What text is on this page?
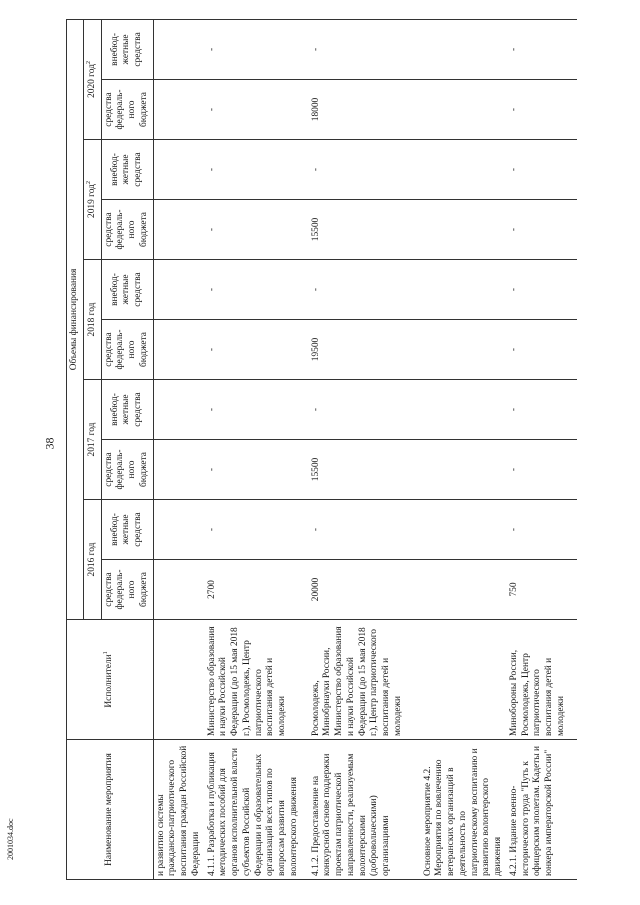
38
Наименование мероприятия	Исполнители$^1$	Объемы финансирования									
		2016 год		2017 год		2018 год		2019 год$^2$		2020 год$^2$
		средства федераль-ного бюджета	внебюд-жетные средства	средства федераль-ного бюджета	внебюд-жетные средства	средства федераль-ного бюджета	внебюд-жетные средства	средства федераль-ного бюджета	внебюд-жетные средства	средства федераль-ного бюджета	внебюд-жетные средства
и развитию системы гражданско-патриотического воспитания граждан Российской Федерации											
4.1.1. Разработка и публикация методических пособий для органов исполнительной власти субъектов Российской Федерации и образовательных организаций всех типов по вопросам развития волонтерского движения	Министерство образования и науки Российской Федерации (до 15 мая 2018 г.), Росмолодежь, Центр патриотического воспитания детей и молодежи	2700	-	-	-	-	-	-	-	-	-
4.1.2. Предоставление на конкурсной основе поддержки проектам патриотической направленности, реализуемым волонтерскими (добровольческими) организациями	Росмолодежь, Минобрнауки России, Министерство образования и науки Российской Федерации (до 15 мая 2018 г.), Центр патриотического воспитания детей и молодежи	20000	-	15500	-	19500	-	15500	-	18000	-
Основное мероприятие 4.2. Мероприятия по вовлечению ветеранских организаций в деятельность по патриотическому воспитанию и развитию волонтерского движения											
4.2.1. Издание военно-исторического труда "Путь к офицерским эполетам. Кадеты и юнкера императорской России"	Минобороны России, Росмолодежь, Центр патриотического воспитания детей и молодежи	750	-	-	-	-	-	-	-	-	-
2001034.doc
